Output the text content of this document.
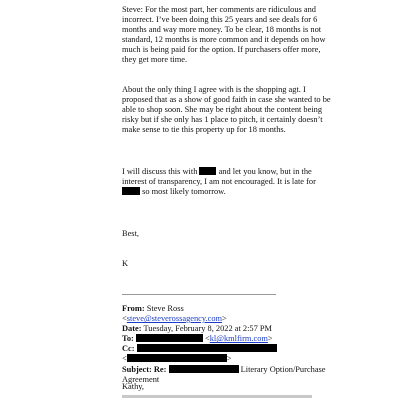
Steve: For the most part, her comments are ridiculous and incorrect. I’ve been doing this 25 years and see deals for 6 months and way more money. To be clear, 18 months is not standard, 12 months is more common and it depends on how much is being paid for the option. If purchasers offer more, they get more time.

About the only thing I agree with is the shopping agt. I proposed that as a show of good faith in case she wanted to be able to shop soon. She may be right about the content being risky but if she only has 1 place to pitch, it certainly doesn’t make sense to tie this property up for 18 months.

I will discuss this with	and let you know, but in the interest of transparency, I am not encouraged. It is late for  so most likely tomorrow.

Best,

K

From: Steve Ross
<steve@steverossagency.com>
Date: Tuesday, February 8, 2022 at 2:57 PM
To:	<kl@kmlfirm.com>
Cc:
<	>
Subject: Re:	Literary Option/Purchase Agreement

Kathy,
